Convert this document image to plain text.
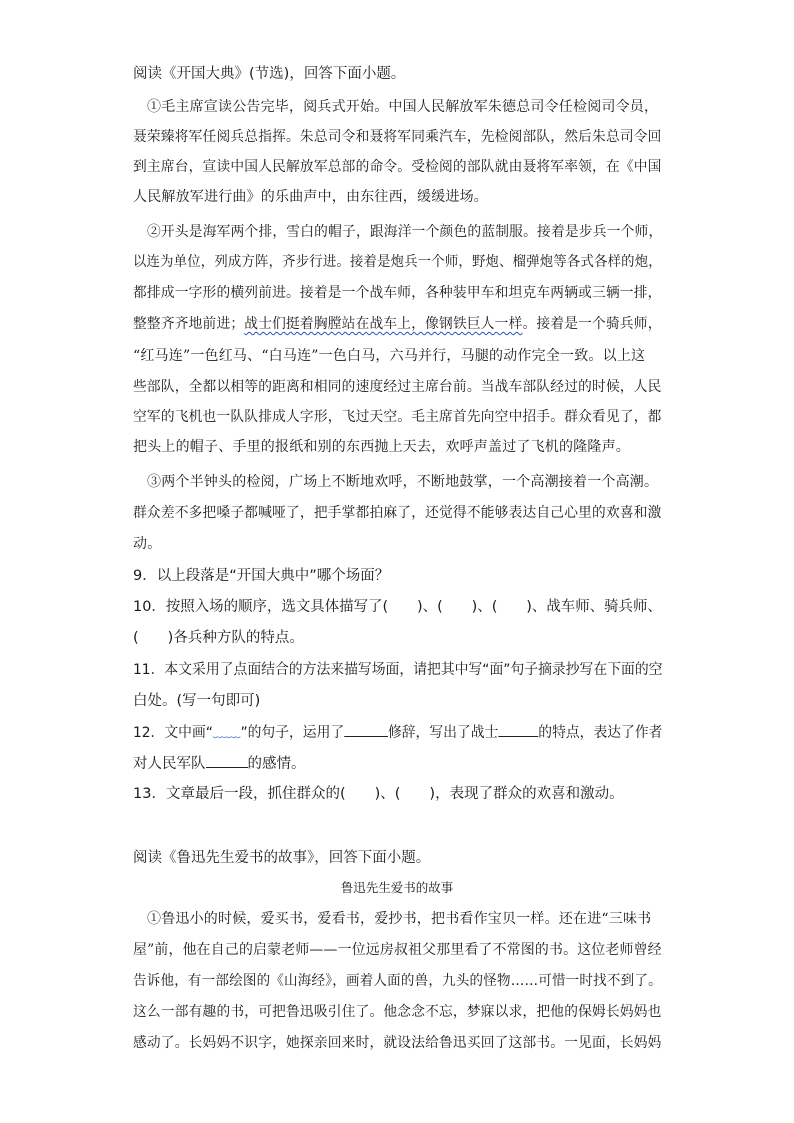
阅读《开国大典》(节选)，回答下面小题。
①毛主席宣读公告完毕，阅兵式开始。中国人民解放军朱德总司令任检阅司令员，
聂荣臻将军任阅兵总指挥。朱总司令和聂将军同乘汽车，先检阅部队，然后朱总司令回
到主席台，宣读中国人民解放军总部的命令。受检阅的部队就由聂将军率领，在《中国
人民解放军进行曲》的乐曲声中，由东往西，缓缓进场。
②开头是海军两个排，雪白的帽子，跟海洋一个颜色的蓝制服。接着是步兵一个师，
以连为单位，列成方阵，齐步行进。接着是炮兵一个师，野炮、榴弹炮等各式各样的炮，
都排成一字形的横列前进。接着是一个战车师，各种装甲车和坦克车两辆或三辆一排，
整整齐齐地前进；战士们挺着胸膛站在战车上，像钢铁巨人一样。接着是一个骑兵师，
“红马连”一色红马、“白马连”一色白马，六马并行，马腿的动作完全一致。以上这
些部队，全都以相等的距离和相同的速度经过主席台前。当战车部队经过的时候，人民
空军的飞机也一队队排成人字形，飞过天空。毛主席首先向空中招手。群众看见了，都
把头上的帽子、手里的报纸和别的东西抛上天去，欢呼声盖过了飞机的隆隆声。
③两个半钟头的检阅，广场上不断地欢呼，不断地鼓掌，一个高潮接着一个高潮。
群众差不多把嗓子都喊哑了，把手掌都拍麻了，还觉得不能够表达自己心里的欢喜和激
动。
9．以上段落是“开国大典中”哪个场面？
10．按照入场的顺序，选文具体描写了(　　)、(　　)、(　　)、战车师、骑兵师、
(　　)各兵种方队的特点。
11．本文采用了点面结合的方法来描写场面，请把其中写“面”句子摘录抄写在下面的空
白处。(写一句即可)
12．文中画“﹏﹏”的句子，运用了	修辞，写出了战士	的特点，表达了作者
对人民军队	的感情。
13．文章最后一段，抓住群众的(　　)、(　　)，表现了群众的欢喜和激动。
阅读《鲁迅先生爱书的故事》，回答下面小题。
鲁迅先生爱书的故事
①鲁迅小的时候，爱买书，爱看书，爱抄书，把书看作宝贝一样。还在进“三味书
屋”前，他在自己的启蒙老师——一位远房叔祖父那里看了不常图的书。这位老师曾经
告诉他，有一部绘图的《山海经》，画着人面的兽，九头的怪物……可惜一时找不到了。
这么一部有趣的书，可把鲁迅吸引住了。他念念不忘，梦寐以求，把他的保姆长妈妈也
感动了。长妈妈不识字，她探亲回来时，就设法给鲁迅买回了这部书。一见面，长妈妈
